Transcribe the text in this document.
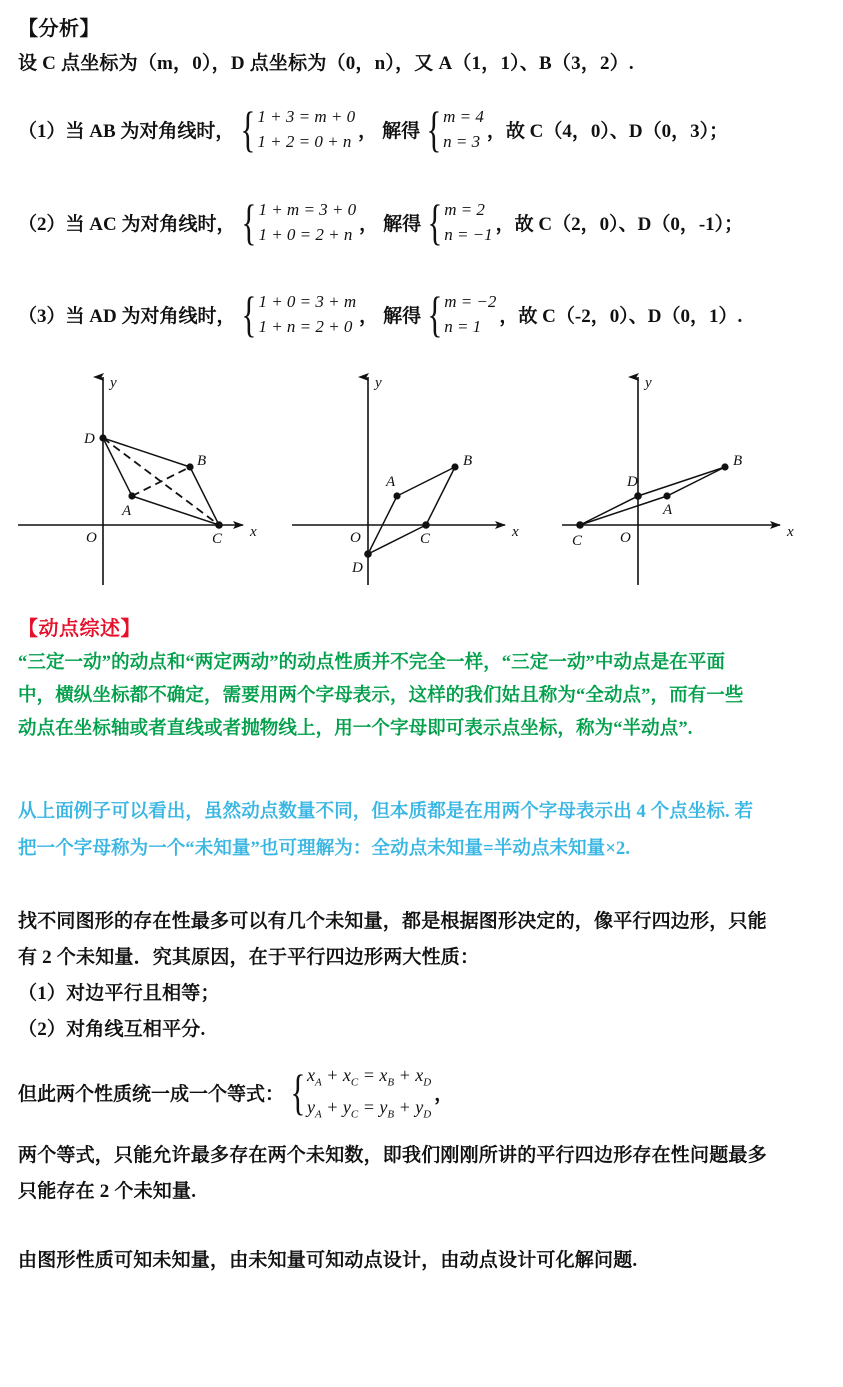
【分析】
设 C 点坐标为（m，0），D 点坐标为（0，n），又 A（1，1）、B（3，2）.
（1）当 AB 为对角线时， { 1 + 3 = m + 0
1 + 2 = 0 + n ， 解得 { m = 4
n = 3 ，故 C（4，0）、D（0，3）；
（2）当 AC 为对角线时， { 1 + m = 3 + 0
1 + 0 = 2 + n ， 解得 { m = 2
n = −1 ，故 C（2，0）、D（0，-1）；
（3）当 AD 为对角线时， { 1 + 0 = 3 + m
1 + n = 2 + 0 ， 解得 { m = −2
n = 1 ，故 C（-2，0）、D（0，1）.
x
y
O
D
A
B
C	x
y
O
A
B
C
D
x
y
O
C
D
A
B
【动点综述】
“三定一动”的动点和“两定两动”的动点性质并不完全一样，“三定一动”中动点是在平面
中，横纵坐标都不确定，需要用两个字母表示，这样的我们姑且称为“全动点”，而有一些
动点在坐标轴或者直线或者抛物线上，用一个字母即可表示点坐标，称为“半动点”.
从上面例子可以看出，虽然动点数量不同，但本质都是在用两个字母表示出 4 个点坐标. 若
把一个字母称为一个“未知量”也可理解为：全动点未知量=半动点未知量×2.
找不同图形的存在性最多可以有几个未知量，都是根据图形决定的，像平行四边形，只能
有 2 个未知量．究其原因，在于平行四边形两大性质：
（1）对边平行且相等；
（2）对角线互相平分.
但此两个性质统一成一个等式： { $x_A + x_C = x_B + x_D$
$y_A + y_C = y_B + y_D$
，
两个等式，只能允许最多存在两个未知数，即我们刚刚所讲的平行四边形存在性问题最多
只能存在 2 个未知量.
由图形性质可知未知量，由未知量可知动点设计，由动点设计可化解问题.
